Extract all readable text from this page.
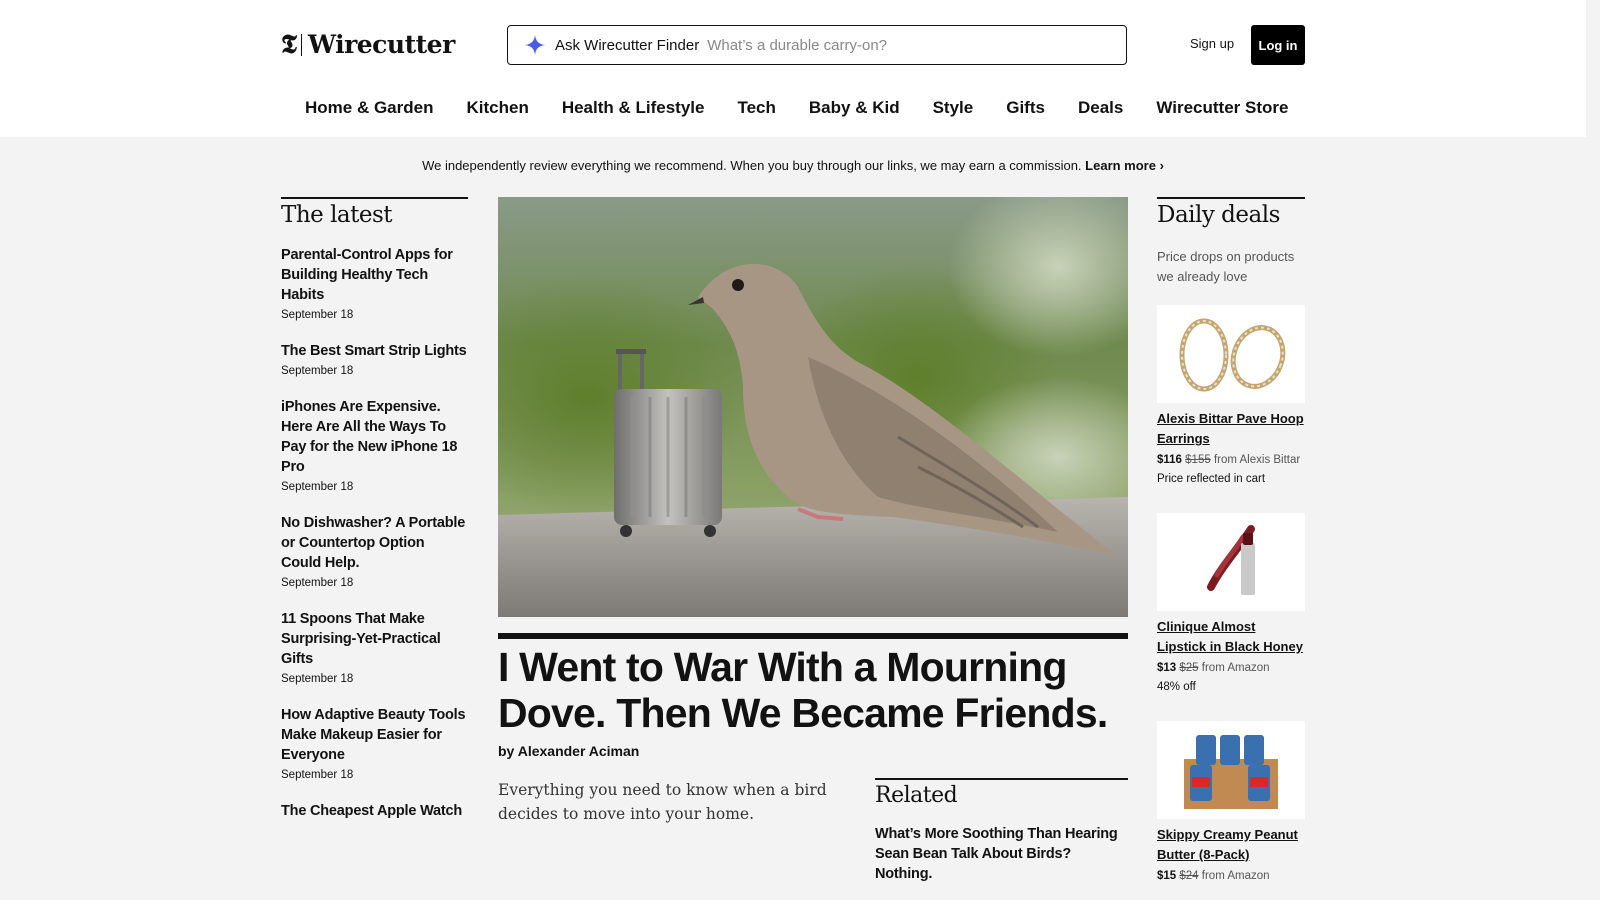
𝕿 Wirecutter	Ask Wirecutter Finder
What’s a durable carry-on?	Sign up	Log in
Home & Garden Kitchen Health & Lifestyle Tech Baby & Kid Style Gifts Deals Wirecutter Store
We independently review everything we recommend. When you buy through our links, we may earn a commission. Learn more ›
The latest
Parental-Control Apps for Building Healthy Tech Habits
September 18
The Best Smart Strip Lights
September 18
iPhones Are Expensive. Here Are All the Ways To Pay for the New iPhone 18 Pro
September 18
No Dishwasher? A Portable or Countertop Option Could Help.
September 18
11 Spoons That Make Surprising-Yet-Practical Gifts
September 18
How Adaptive Beauty Tools Make Makeup Easier for Everyone
September 18
The Cheapest Apple Watch
I Went to War With a Mourning Dove. Then We Became Friends.
by Alexander Aciman
Everything you need to know when a bird decides to move into your home.
Related
What’s More Soothing Than Hearing Sean Bean Talk About Birds? Nothing.
Daily deals
Price drops on products we already love
Alexis Bittar Pave Hoop Earrings
$116 $155 from Alexis Bittar
Price reflected in cart
Clinique Almost Lipstick in Black Honey
$13 $25 from Amazon
48% off
Skippy Creamy Peanut Butter (8-Pack)
$15 $24 from Amazon
